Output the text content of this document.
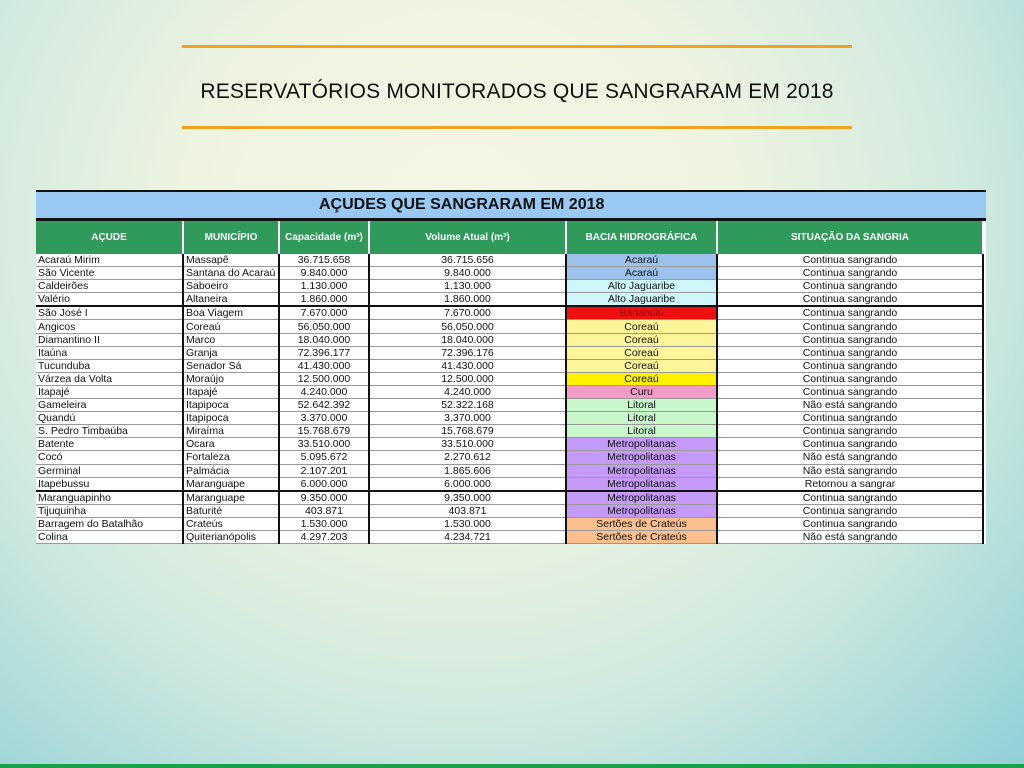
RESERVATÓRIOS MONITORADOS QUE SANGRARAM EM 2018
AÇUDES QUE SANGRARAM EM 2018
AÇUDE	MUNICÍPIO	Capacidade (m³)	Volume Atual (m³)	BACIA HIDROGRÁFICA	SITUAÇÃO DA SANGRIA
Acaraú Mirim	Massapê	36.715.658	36.715.656	Acaraú	Continua sangrando
São Vicente	Santana do Acaraú	9.840.000	9.840.000	Acaraú	Continua sangrando
Caldeirões	Saboeiro	1.130.000	1.130.000	Alto Jaguaribe	Continua sangrando
Valério	Altaneira	1.860.000	1.860.000	Alto Jaguaribe	Continua sangrando
São José I	Boa Viagem	7.670.000	7.670.000	Banabuiú	Continua sangrando
Angicos	Coreaú	56.050.000	56.050.000	Coreaú	Continua sangrando
Diamantino II	Marco	18.040.000	18.040.000	Coreaú	Continua sangrando
Itaúna	Granja	72.396.177	72.396.176	Coreaú	Continua sangrando
Tucunduba	Senador Sá	41.430.000	41.430.000	Coreaú	Continua sangrando
Várzea da Volta	Moraújo	12.500.000	12.500.000	Coreaú	Continua sangrando
Itapajé	Itapajé	4.240.000	4.240.000	Curu	Continua sangrando
Gameleira	Itapipoca	52.642.392	52.322.168	Litoral	Não está sangrando
Quandú	Itapipoca	3.370.000	3.370.000	Litoral	Continua sangrando
S. Pedro Timbaúba	Miraíma	15.768.679	15.768.679	Litoral	Continua sangrando
Batente	Ocara	33.510.000	33.510.000	Metropolitanas	Continua sangrando
Cocó	Fortaleza	5.095.672	2.270.612	Metropolitanas	Não está sangrando
Germinal	Palmácia	2.107.201	1.865.606	Metropolitanas	Não está sangrando
Itapebussu	Maranguape	6.000.000	6.000.000	Metropolitanas	Retornou a sangrar
Maranguapinho	Maranguape	9.350.000	9.350.000	Metropolitanas	Continua sangrando
Tijuquinha	Baturité	403.871	403.871	Metropolitanas	Continua sangrando
Barragem do Batalhão	Crateús	1.530.000	1.530.000	Sertões de Crateús	Continua sangrando
Colina	Quiterianópolis	4.297.203	4.234.721	Sertões de Crateús	Não está sangrando
